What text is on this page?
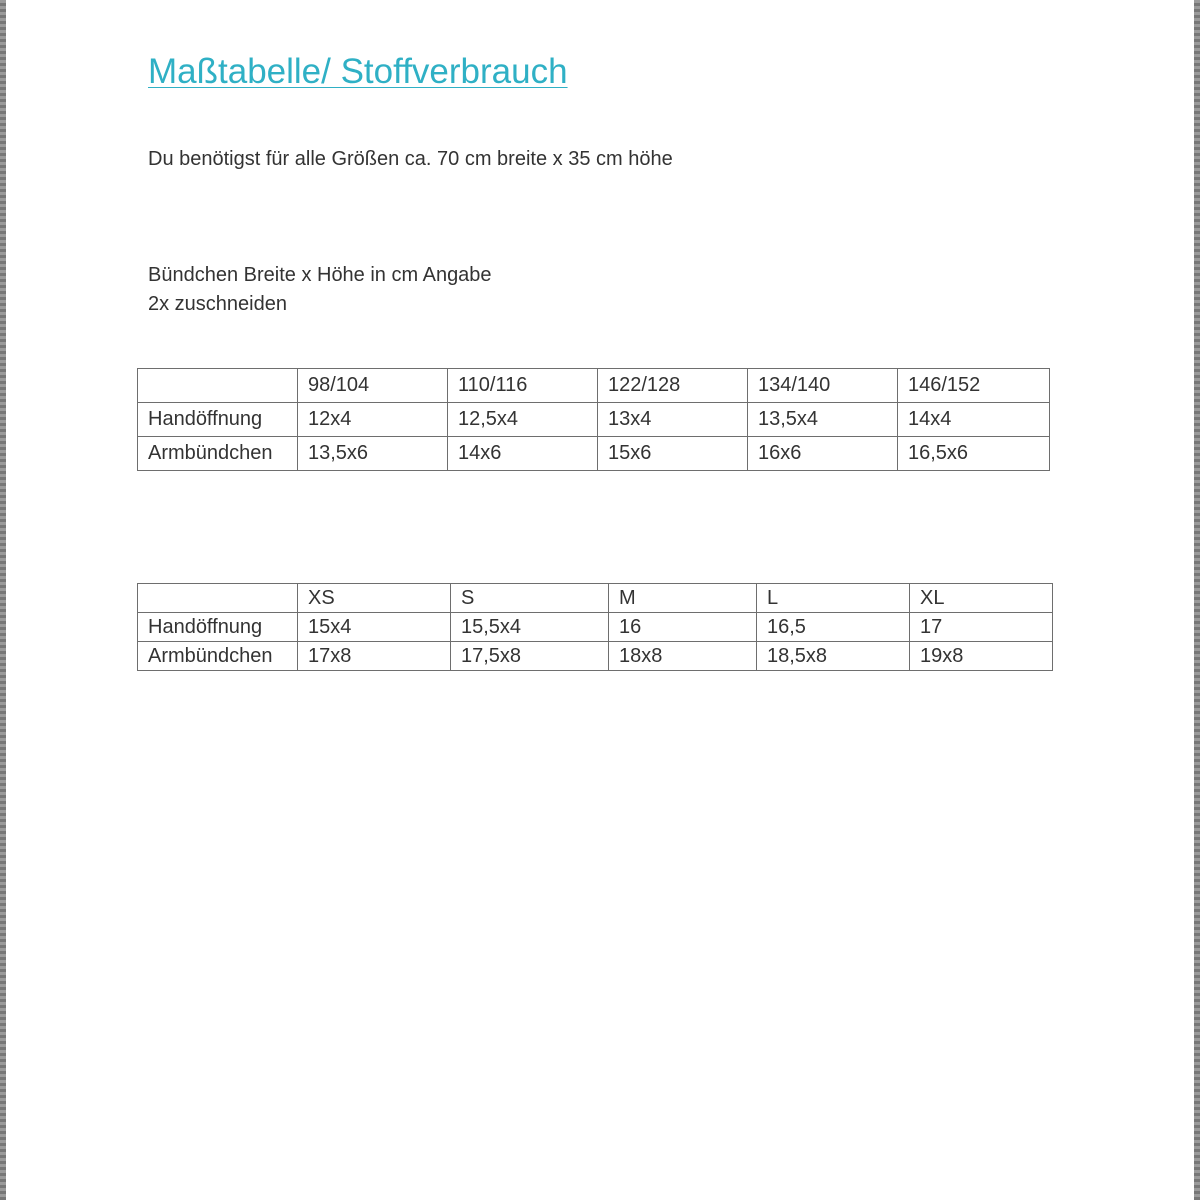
Maßtabelle/ Stoffverbrauch
Du benötigst für alle Größen ca. 70 cm breite x 35 cm höhe
Bündchen Breite x Höhe in cm Angabe
2x zuschneiden
	98/104	110/116	122/128	134/140	146/152
Handöffnung	12x4	12,5x4	13x4	13,5x4	14x4
Armbündchen	13,5x6	14x6	15x6	16x6	16,5x6
	XS	S	M	L	XL
Handöffnung	15x4	15,5x4	16	16,5	17
Armbündchen	17x8	17,5x8	18x8	18,5x8	19x8
